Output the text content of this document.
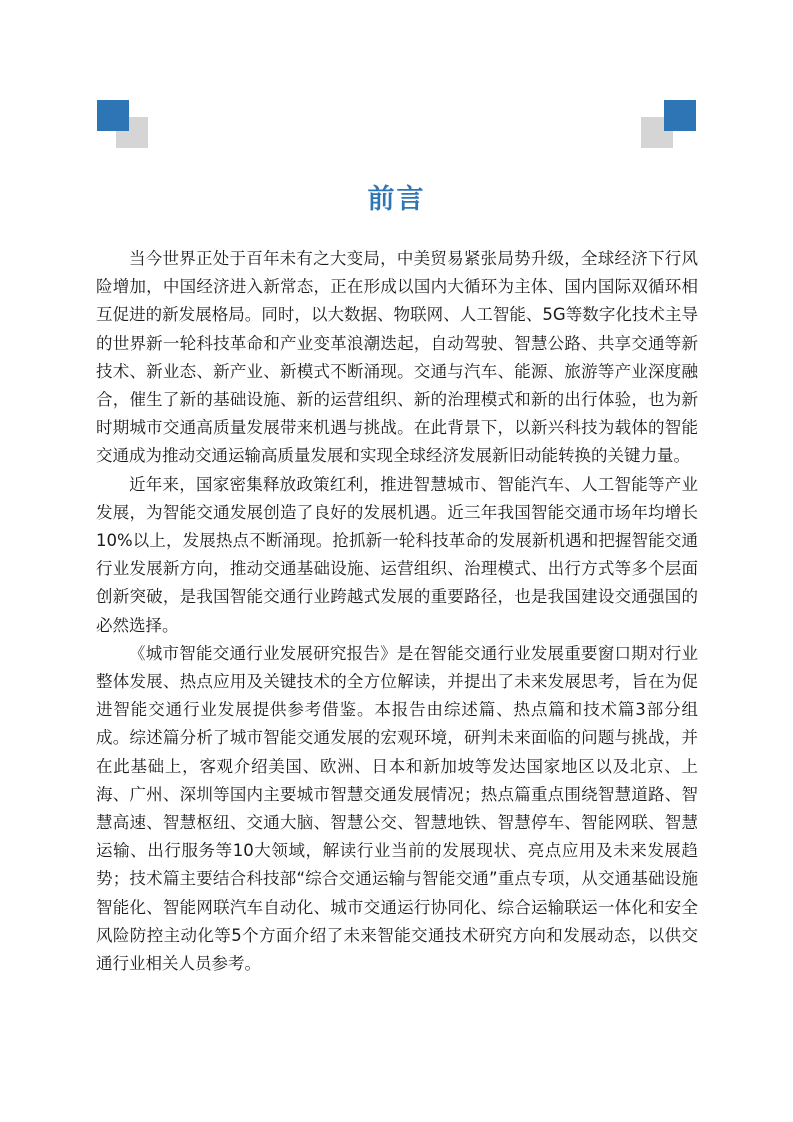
前言

当今世界正处于百年未有之大变局，中美贸易紧张局势升级，全球经济下行风险增加，中国经济进入新常态，正在形成以国内大循环为主体、国内国际双循环相互促进的新发展格局。同时，以大数据、物联网、人工智能、5G等数字化技术主导的世界新一轮科技革命和产业变革浪潮迭起，自动驾驶、智慧公路、共享交通等新技术、新业态、新产业、新模式不断涌现。交通与汽车、能源、旅游等产业深度融合，催生了新的基础设施、新的运营组织、新的治理模式和新的出行体验，也为新时期城市交通高质量发展带来机遇与挑战。在此背景下，以新兴科技为载体的智能交通成为推动交通运输高质量发展和实现全球经济发展新旧动能转换的关键力量。

近年来，国家密集释放政策红利，推进智慧城市、智能汽车、人工智能等产业发展，为智能交通发展创造了良好的发展机遇。近三年我国智能交通市场年均增长10%以上，发展热点不断涌现。抢抓新一轮科技革命的发展新机遇和把握智能交通行业发展新方向，推动交通基础设施、运营组织、治理模式、出行方式等多个层面创新突破，是我国智能交通行业跨越式发展的重要路径，也是我国建设交通强国的必然选择。

《城市智能交通行业发展研究报告》是在智能交通行业发展重要窗口期对行业整体发展、热点应用及关键技术的全方位解读，并提出了未来发展思考，旨在为促进智能交通行业发展提供参考借鉴。本报告由综述篇、热点篇和技术篇3部分组成。综述篇分析了城市智能交通发展的宏观环境，研判未来面临的问题与挑战，并在此基础上，客观介绍美国、欧洲、日本和新加坡等发达国家地区以及北京、上海、广州、深圳等国内主要城市智慧交通发展情况；热点篇重点围绕智慧道路、智慧高速、智慧枢纽、交通大脑、智慧公交、智慧地铁、智慧停车、智能网联、智慧运输、出行服务等10大领域，解读行业当前的发展现状、亮点应用及未来发展趋势；技术篇主要结合科技部“综合交通运输与智能交通”重点专项，从交通基础设施智能化、智能网联汽车自动化、城市交通运行协同化、综合运输联运一体化和安全风险防控主动化等5个方面介绍了未来智能交通技术研究方向和发展动态，以供交通行业相关人员参考。
